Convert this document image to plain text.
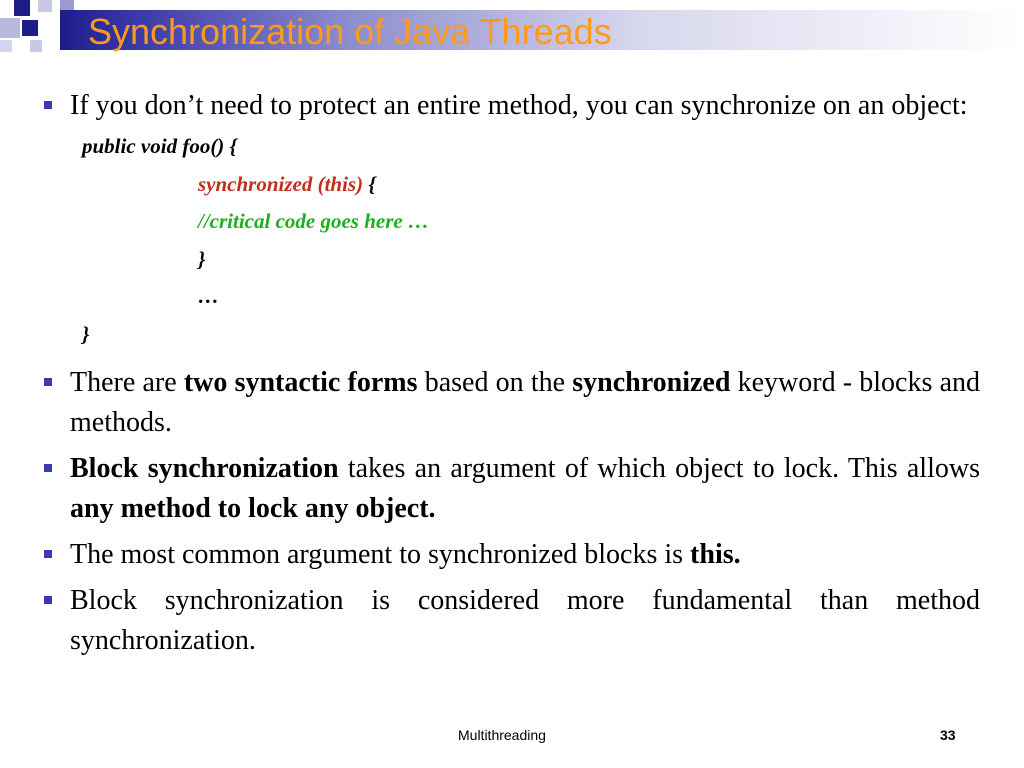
Synchronization of Java Threads
If you don’t need to protect an entire method, you can synchronize on an object:
public void foo() {
synchronized (this) {
//critical code goes here …
}
…
}
There are two syntactic forms based on the synchronized keyword - blocks and methods.
Block synchronization takes an argument of which object to lock. This allows any method to lock any object.
The most common argument to synchronized blocks is this.
Block synchronization is considered more fundamental than method synchronization.
Multithreading	33
